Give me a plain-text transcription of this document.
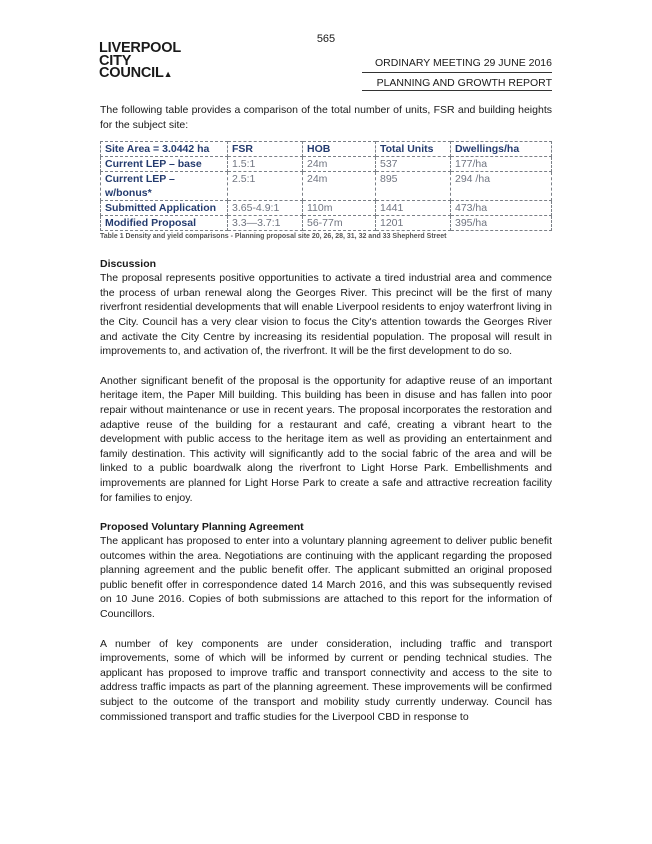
565
LIVERPOOL
CITY
COUNCIL▲
ORDINARY MEETING 29 JUNE 2016
PLANNING AND GROWTH REPORT

The following table provides a comparison of the total number of units, FSR and building heights for the subject site:

Site Area = 3.0442 ha	FSR	HOB	Total Units	Dwellings/ha
Current LEP – base	1.5:1	24m	537	177/ha
Current LEP – w/bonus*	2.5:1	24m	895	294 /ha
Submitted Application	3.65-4.9:1	110m	1441	473/ha
Modified Proposal	3.3—3.7:1	56-77m	1201	395/ha
Table 1 Density and yield comparisons - Planning proposal site 20, 26, 28, 31, 32 and 33 Shepherd Street
Discussion

The proposal represents positive opportunities to activate a tired industrial area and commence the process of urban renewal along the Georges River. This precinct will be the first of many riverfront residential developments that will enable Liverpool residents to enjoy waterfront living in the City. Council has a very clear vision to focus the City's attention towards the Georges River and activate the City Centre by increasing its residential population. The proposal will result in improvements to, and activation of, the riverfront. It will be the first development to do so.

Another significant benefit of the proposal is the opportunity for adaptive reuse of an important heritage item, the Paper Mill building. This building has been in disuse and has fallen into poor repair without maintenance or use in recent years. The proposal incorporates the restoration and adaptive reuse of the building for a restaurant and café, creating a vibrant heart to the development with public access to the heritage item as well as providing an entertainment and family destination. This activity will significantly add to the social fabric of the area and will be linked to a public boardwalk along the riverfront to Light Horse Park. Embellishments and improvements are planned for Light Horse Park to create a safe and attractive recreation facility for families to enjoy.

Proposed Voluntary Planning Agreement

The applicant has proposed to enter into a voluntary planning agreement to deliver public benefit outcomes within the area. Negotiations are continuing with the applicant regarding the proposed planning agreement and the public benefit offer. The applicant submitted an original proposed public benefit offer in correspondence dated 14 March 2016, and this was subsequently revised on 10 June 2016. Copies of both submissions are attached to this report for the information of Councillors.

A number of key components are under consideration, including traffic and transport improvements, some of which will be informed by current or pending technical studies. The applicant has proposed to improve traffic and transport connectivity and access to the site to address traffic impacts as part of the planning agreement. These improvements will be confirmed subject to the outcome of the transport and mobility study currently underway. Council has commissioned transport and traffic studies for the Liverpool CBD in response to
